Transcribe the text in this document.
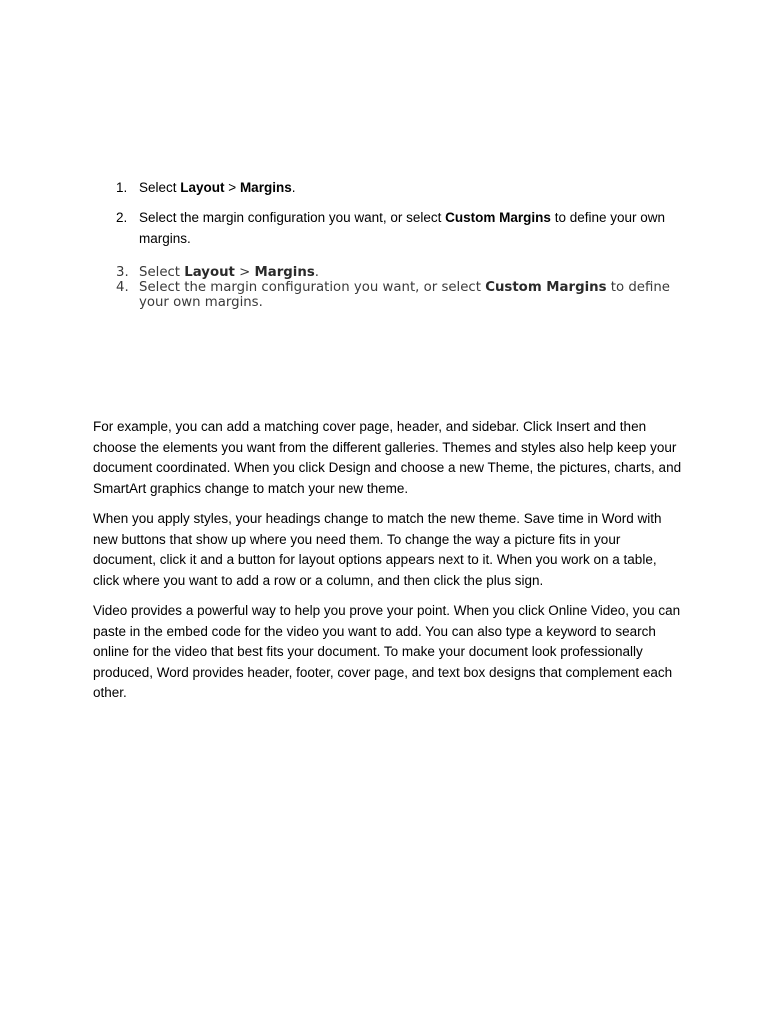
1. Select Layout > Margins.
2. Select the margin configuration you want, or select Custom Margins to define your own margins.
3. Select Layout > Margins.
4. Select the margin configuration you want, or select Custom Margins to define your own margins.

For example, you can add a matching cover page, header, and sidebar. Click Insert and then choose the elements you want from the different galleries. Themes and styles also help keep your document coordinated. When you click Design and choose a new Theme, the pictures, charts, and SmartArt graphics change to match your new theme.

When you apply styles, your headings change to match the new theme. Save time in Word with new buttons that show up where you need them. To change the way a picture fits in your document, click it and a button for layout options appears next to it. When you work on a table, click where you want to add a row or a column, and then click the plus sign.

Video provides a powerful way to help you prove your point. When you click Online Video, you can paste in the embed code for the video you want to add. You can also type a keyword to search online for the video that best fits your document. To make your document look professionally produced, Word provides header, footer, cover page, and text box designs that complement each other.
